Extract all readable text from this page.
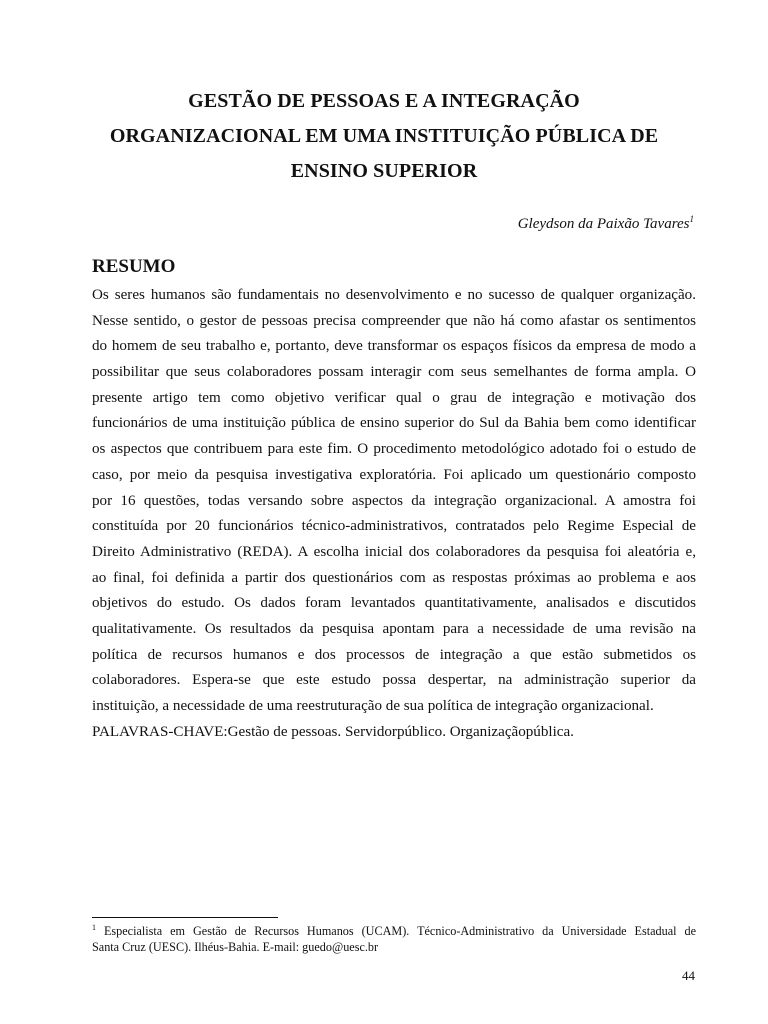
GESTÃO DE PESSOAS E A INTEGRAÇÃO
ORGANIZACIONAL EM UMA INSTITUIÇÃO PÚBLICA DE
ENSINO SUPERIOR
Gleydson da Paixão Tavares$^1$
RESUMO
Os seres humanos são fundamentais no desenvolvimento e no sucesso de qualquer organização.
Nesse sentido, o gestor de pessoas precisa compreender que não há como afastar os sentimentos
do homem de seu trabalho e, portanto, deve transformar os espaços físicos da empresa de modo a
possibilitar que seus colaboradores possam interagir com seus semelhantes de forma ampla. O
presente artigo tem como objetivo verificar qual o grau de integração e motivação dos
funcionários de uma instituição pública de ensino superior do Sul da Bahia bem como identificar
os aspectos que contribuem para este fim. O procedimento metodológico adotado foi o estudo de
caso, por meio da pesquisa investigativa exploratória. Foi aplicado um questionário composto
por 16 questões, todas versando sobre aspectos da integração organizacional. A amostra foi
constituída por 20 funcionários técnico-administrativos, contratados pelo Regime Especial de
Direito Administrativo (REDA). A escolha inicial dos colaboradores da pesquisa foi aleatória e,
ao final, foi definida a partir dos questionários com as respostas próximas ao problema e aos
objetivos do estudo. Os dados foram levantados quantitativamente, analisados e discutidos
qualitativamente. Os resultados da pesquisa apontam para a necessidade de uma revisão na
política de recursos humanos e dos processos de integração a que estão submetidos os
colaboradores. Espera-se que este estudo possa despertar, na administração superior da
instituição, a necessidade de uma reestruturação de sua política de integração organizacional.
PALAVRAS-CHAVE:Gestão de pessoas. Servidorpúblico. Organizaçãopública.
$^1$ Especialista em Gestão de Recursos Humanos (UCAM). Técnico-Administrativo da Universidade Estadual de
Santa Cruz (UESC). Ilhéus-Bahia. E-mail: guedo@uesc.br
44
